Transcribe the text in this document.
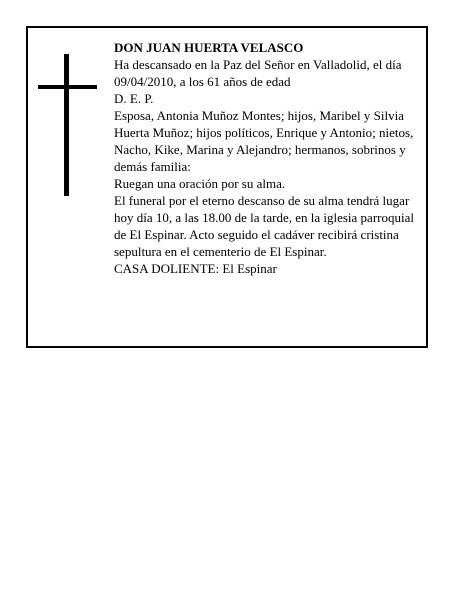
DON JUAN HUERTA VELASCO

Ha descansado en la Paz del Señor en Valladolid, el día 09/04/2010, a los 61 años de edad

D. E. P.

Esposa, Antonia Muñoz Montes; hijos, Maribel y Silvia Huerta Muñoz; hijos políticos, Enrique y Antonio; nietos, Nacho, Kike, Marina y Alejandro; hermanos, sobrinos y demás familia:

Ruegan una oración por su alma.

El funeral por el eterno descanso de su alma tendrá lugar hoy día 10, a las 18.00 de la tarde, en la iglesia parroquial de El Espinar. Acto seguido el cadáver recibirá cristina sepultura en el cementerio de El Espinar.

CASA DOLIENTE: El Espinar
